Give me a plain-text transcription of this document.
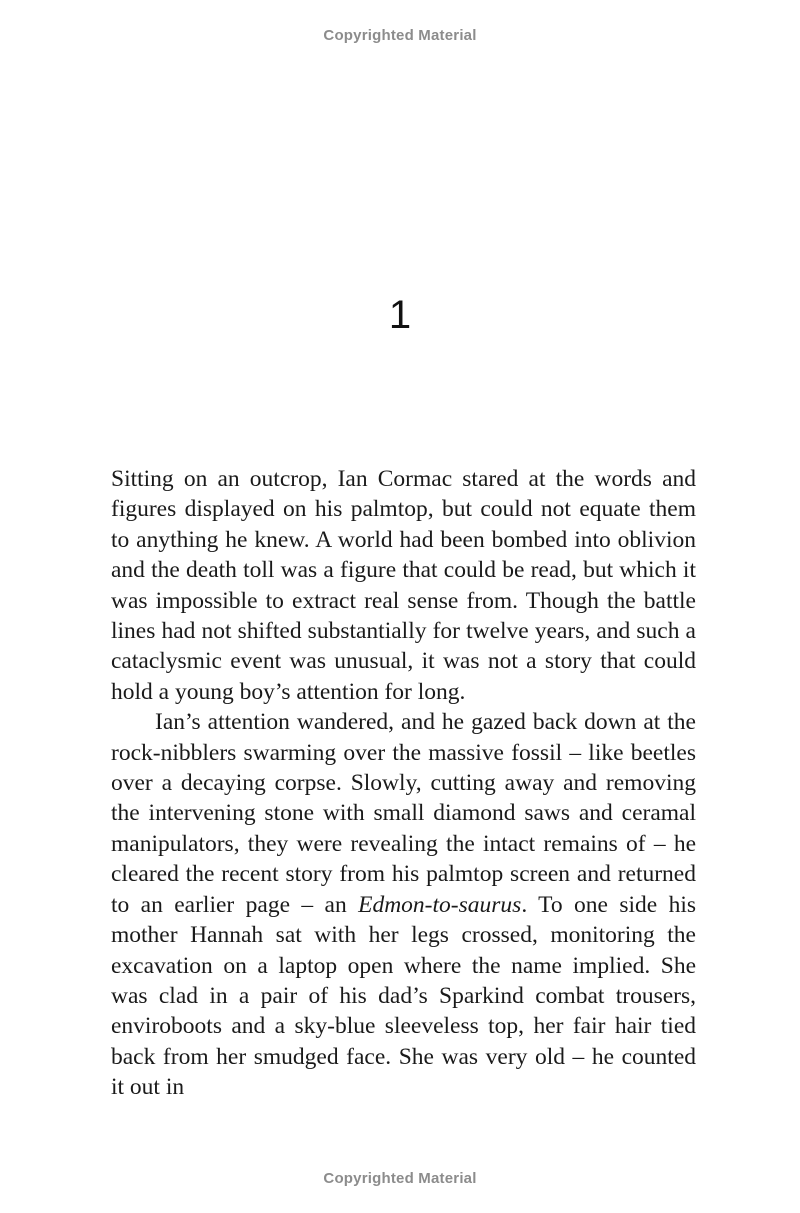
Copyrighted Material
1

Sitting on an outcrop, Ian Cormac stared at the words and figures displayed on his palmtop, but could not equate them to anything he knew. A world had been bombed into oblivion and the death toll was a figure that could be read, but which it was impossible to extract real sense from. Though the battle lines had not shifted substantially for twelve years, and such a cataclysmic event was unusual, it was not a story that could hold a young boy’s attention for long.

Ian’s attention wandered, and he gazed back down at the rock-nibblers swarming over the massive fossil – like beetles over a decaying corpse. Slowly, cutting away and removing the intervening stone with small diamond saws and ceramal manipulators, they were revealing the intact remains of – he cleared the recent story from his palmtop screen and returned to an earlier page – an Edmon-to-saurus. To one side his mother Hannah sat with her legs crossed, monitoring the excavation on a laptop open where the name implied. She was clad in a pair of his dad’s Sparkind combat trousers, enviroboots and a sky-blue sleeveless top, her fair hair tied back from her smudged face. She was very old – he counted it out in

Copyrighted Material
